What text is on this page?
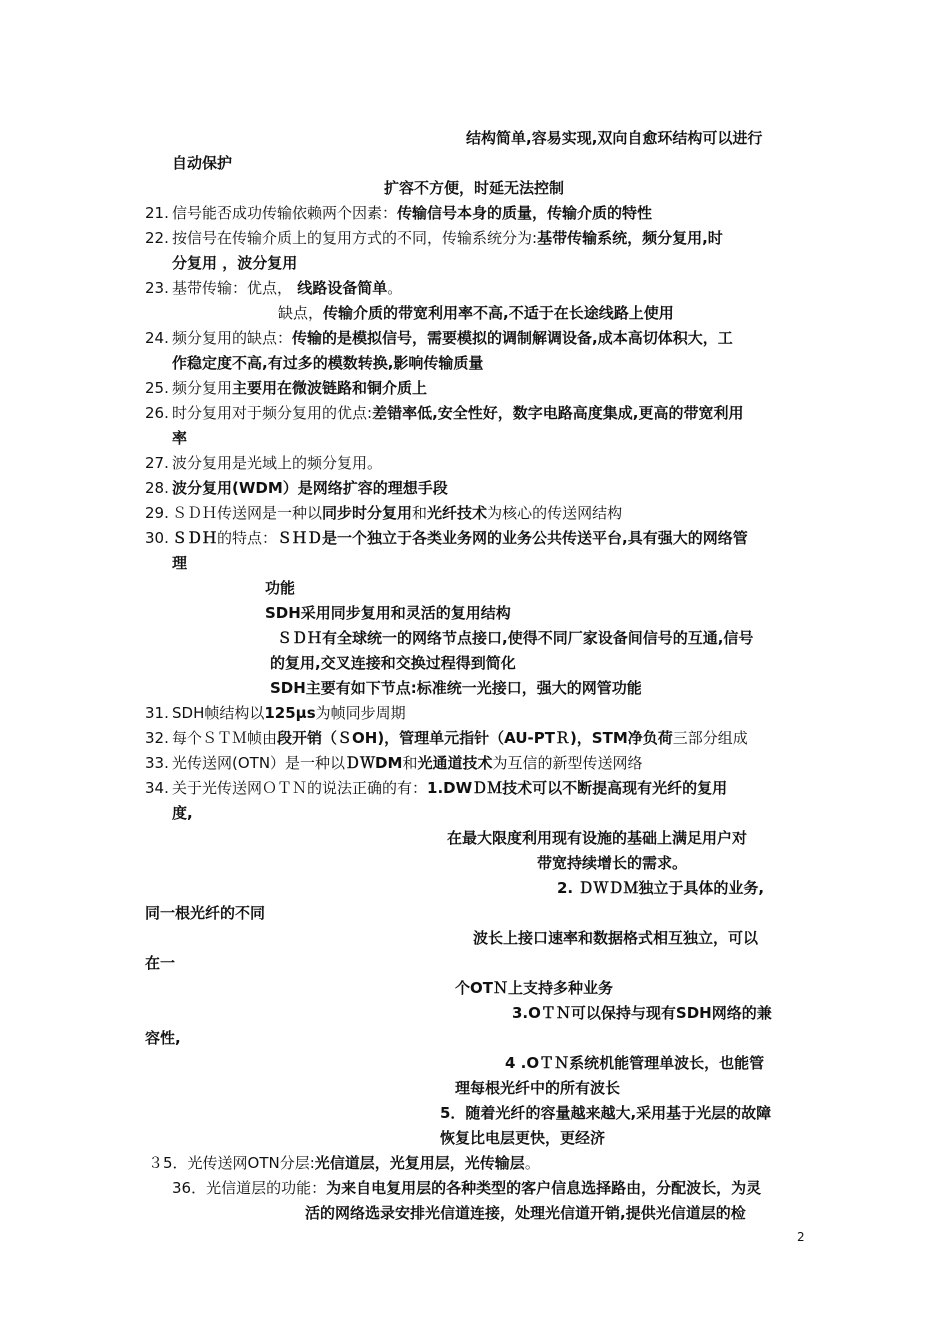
结构简单,容易实现,双向自愈环结构可以进行
自动保护
扩容不方便，时延无法控制
21. 信号能否成功传输依赖两个因素：传输信号本身的质量，传输介质的特性
22. 按信号在传输介质上的复用方式的不同，传输系统分为:基带传输系统，频分复用,时
分复用 ，波分复用
23. 基带传输：优点， 线路设备简单。
缺点，传输介质的带宽利用率不高,不适于在长途线路上使用
24. 频分复用的缺点：传输的是模拟信号，需要模拟的调制解调设备,成本高切体积大，工
作稳定度不高,有过多的模数转换,影响传输质量
25. 频分复用主要用在微波链路和铜介质上
26. 时分复用对于频分复用的优点:差错率低,安全性好，数字电路高度集成,更高的带宽利用
率
27. 波分复用是光域上的频分复用。
28. 波分复用(WDM）是网络扩容的理想手段
29. ＳＤＨ传送网是一种以同步时分复用和光纤技术为核心的传送网结构
30. ＳＤＨ的特点：ＳＨＤ是一个独立于各类业务网的业务公共传送平台,具有强大的网络管
理
功能
SDH采用同步复用和灵活的复用结构
ＳＤＨ有全球统一的网络节点接口,使得不同厂家设备间信号的互通,信号
的复用,交叉连接和交换过程得到简化
SDH主要有如下节点:标准统一光接口，强大的网管功能
31. SDH帧结构以125μs为帧同步周期
32. 每个ＳＴＭ帧由段开销（ＳOH)，管理单元指针（AU-PTＲ)，STM净负荷三部分组成
33. 光传送网(OTN）是一种以ＤＷDM和光通道技术为互信的新型传送网络
34. 关于光传送网ＯＴＮ的说法正确的有：1.DWＤＭ技术可以不断提高现有光纤的复用
度,
在最大限度利用现有设施的基础上满足用户对
带宽持续增长的需求。
2. ＤＷＤＭ独立于具体的业务,
同一根光纤的不同
波长上接口速率和数据格式相互独立，可以
在一
个OTＮ上支持多种业务
3.OＴＮ可以保持与现有SDH网络的兼
容性,
4 .OＴＮ系统机能管理单波长，也能管
理每根光纤中的所有波长
5．随着光纤的容量越来越大,采用基于光层的故障
恢复比电层更快，更经济
３5．光传送网OTN分层:光信道层，光复用层，光传输层。
36．光信道层的功能：为来自电复用层的各种类型的客户信息选择路由，分配波长，为灵
活的网络选录安排光信道连接，处理光信道开销,提供光信道层的检
2
